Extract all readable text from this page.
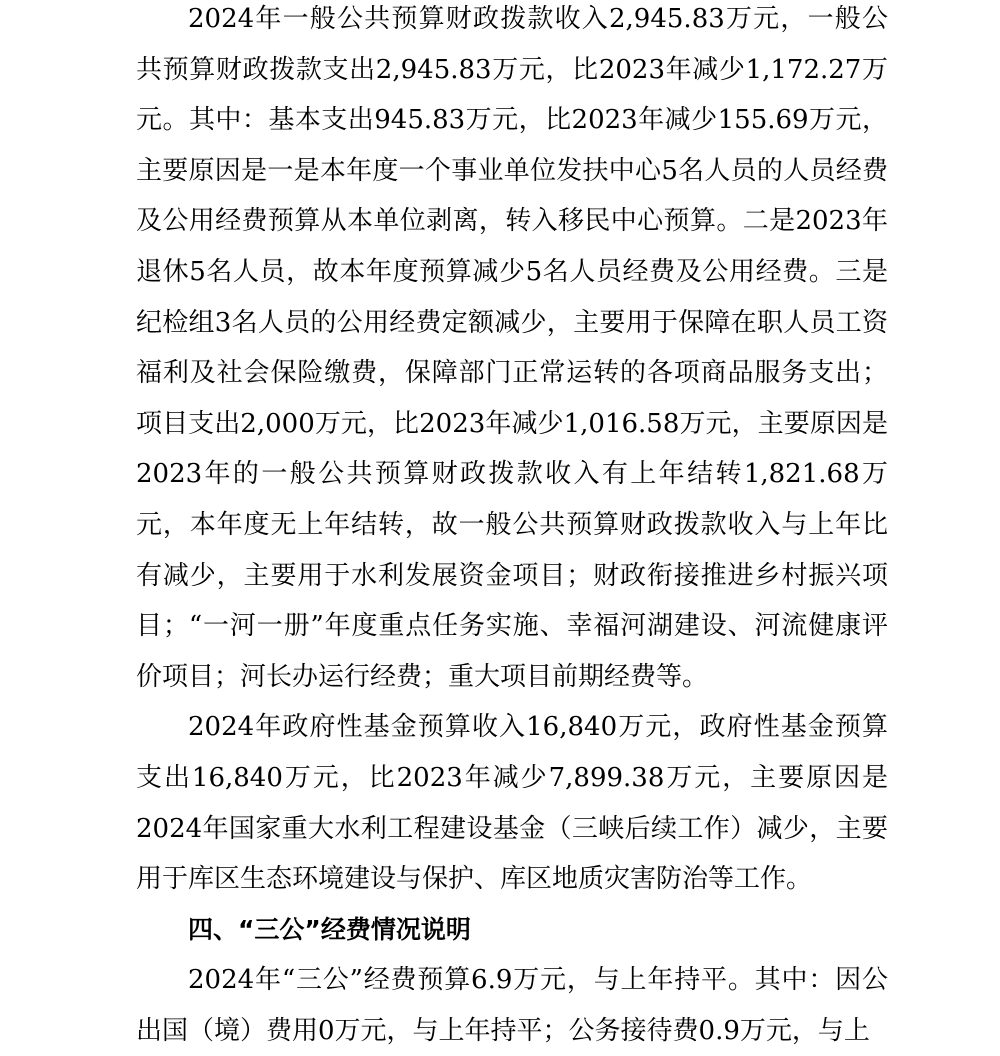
2024年一般公共预算财政拨款收入2,945.83万元，一般公共预算财政拨款支出2,945.83万元，比2023年减少1,172.27万元。其中：基本支出945.83万元，比2023年减少155.69万元，主要原因是一是本年度一个事业单位发扶中心5名人员的人员经费及公用经费预算从本单位剥离，转入移民中心预算。二是2023年退休5名人员，故本年度预算减少5名人员经费及公用经费。三是纪检组3名人员的公用经费定额减少，主要用于保障在职人员工资福利及社会保险缴费，保障部门正常运转的各项商品服务支出；项目支出2,000万元，比2023年减少1,016.58万元，主要原因是2023年的一般公共预算财政拨款收入有上年结转1,821.68万元，本年度无上年结转，故一般公共预算财政拨款收入与上年比有减少，主要用于水利发展资金项目；财政衔接推进乡村振兴项目；“一河一册”年度重点任务实施、幸福河湖建设、河流健康评价项目；河长办运行经费；重大项目前期经费等。

2024年政府性基金预算收入16,840万元，政府性基金预算支出16,840万元，比2023年减少7,899.38万元，主要原因是2024年国家重大水利工程建设基金（三峡后续工作）减少，主要用于库区生态环境建设与保护、库区地质灾害防治等工作。

四、“三公”经费情况说明

2024年“三公”经费预算6.9万元，与上年持平。其中：因公出国（境）费用0万元，与上年持平；公务接待费0.9万元，与上
